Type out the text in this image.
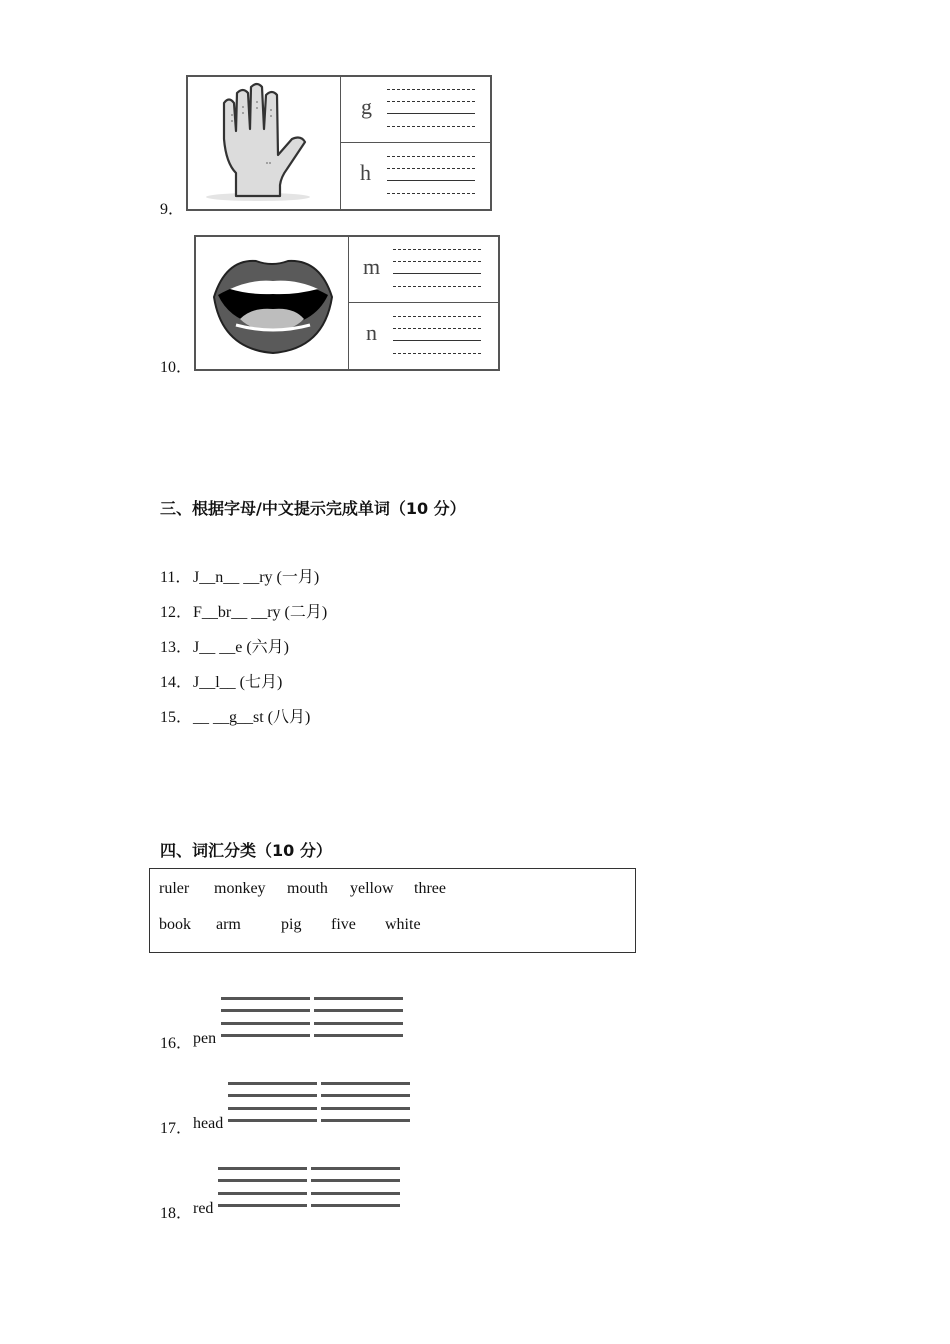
9．
g
h
10．
m
n
三、根据字母/中文提示完成单词（10 分）
11． J__n__ __ry (一月)
12． F__br__ __ry (二月)
13． J__ __e (六月)
14． J__l__ (七月)
15． __ __g__st (八月)
四、词汇分类（10 分）
ruler monkey mouth yellow three
book arm	pig five white
16． pen
17． head
18． red
